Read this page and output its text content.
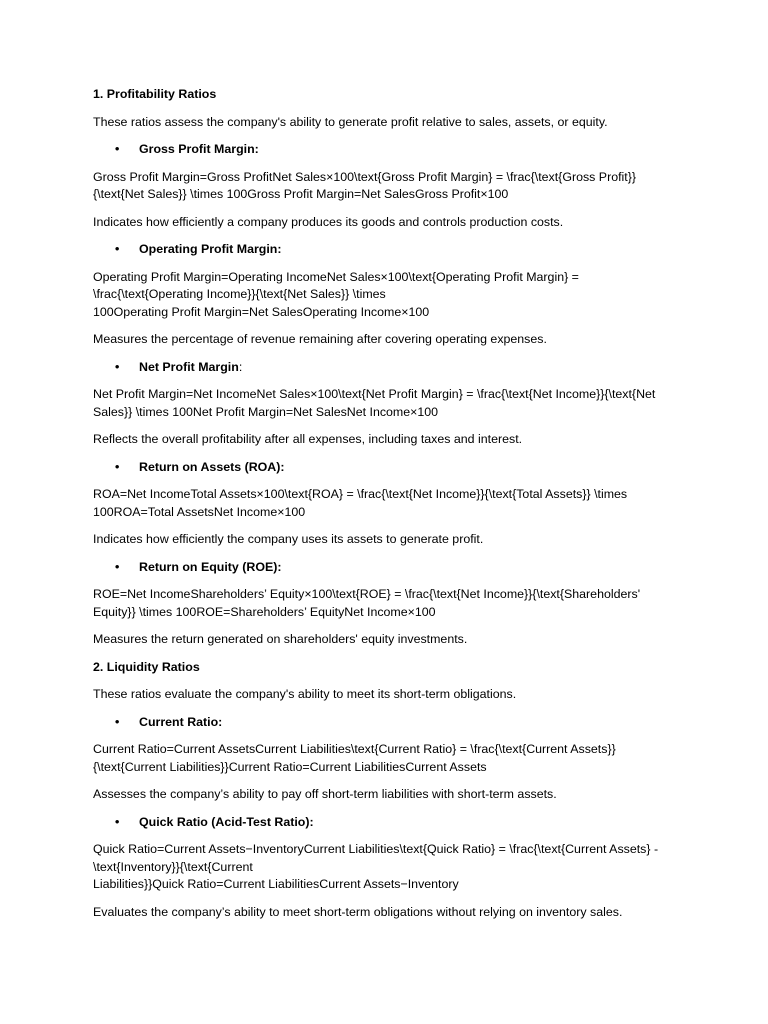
1. Profitability Ratios
These ratios assess the company's ability to generate profit relative to sales, assets, or equity.
• Gross Profit Margin:
Gross Profit Margin=Gross ProfitNet Sales×100\text{Gross Profit Margin} = \frac{\text{Gross Profit}}{\text{Net Sales}} \times 100Gross Profit Margin=Net SalesGross Profit×100
Indicates how efficiently a company produces its goods and controls production costs.
• Operating Profit Margin:
Operating Profit Margin=Operating IncomeNet Sales×100\text{Operating Profit Margin} = \frac{\text{Operating Income}}{\text{Net Sales}} \times
100Operating Profit Margin=Net SalesOperating Income×100
Measures the percentage of revenue remaining after covering operating expenses.
• Net Profit Margin:
Net Profit Margin=Net IncomeNet Sales×100\text{Net Profit Margin} = \frac{\text{Net Income}}{\text{Net Sales}} \times 100Net Profit Margin=Net SalesNet Income×100
Reflects the overall profitability after all expenses, including taxes and interest.
• Return on Assets (ROA):
ROA=Net IncomeTotal Assets×100\text{ROA} = \frac{\text{Net Income}}{\text{Total Assets}} \times 100ROA=Total AssetsNet Income×100
Indicates how efficiently the company uses its assets to generate profit.
• Return on Equity (ROE):
ROE=Net IncomeShareholders’ Equity×100\text{ROE} = \frac{\text{Net Income}}{\text{Shareholders' Equity}} \times 100ROE=Shareholders’ EquityNet Income×100
Measures the return generated on shareholders' equity investments.
2. Liquidity Ratios
These ratios evaluate the company's ability to meet its short-term obligations.
• Current Ratio:
Current Ratio=Current AssetsCurrent Liabilities\text{Current Ratio} = \frac{\text{Current Assets}}{\text{Current Liabilities}}Current Ratio=Current LiabilitiesCurrent Assets
Assesses the company’s ability to pay off short-term liabilities with short-term assets.
• Quick Ratio (Acid-Test Ratio):
Quick Ratio=Current Assets−InventoryCurrent Liabilities\text{Quick Ratio} = \frac{\text{Current Assets} - \text{Inventory}}{\text{Current
Liabilities}}Quick Ratio=Current LiabilitiesCurrent Assets−Inventory
Evaluates the company’s ability to meet short-term obligations without relying on inventory sales.
